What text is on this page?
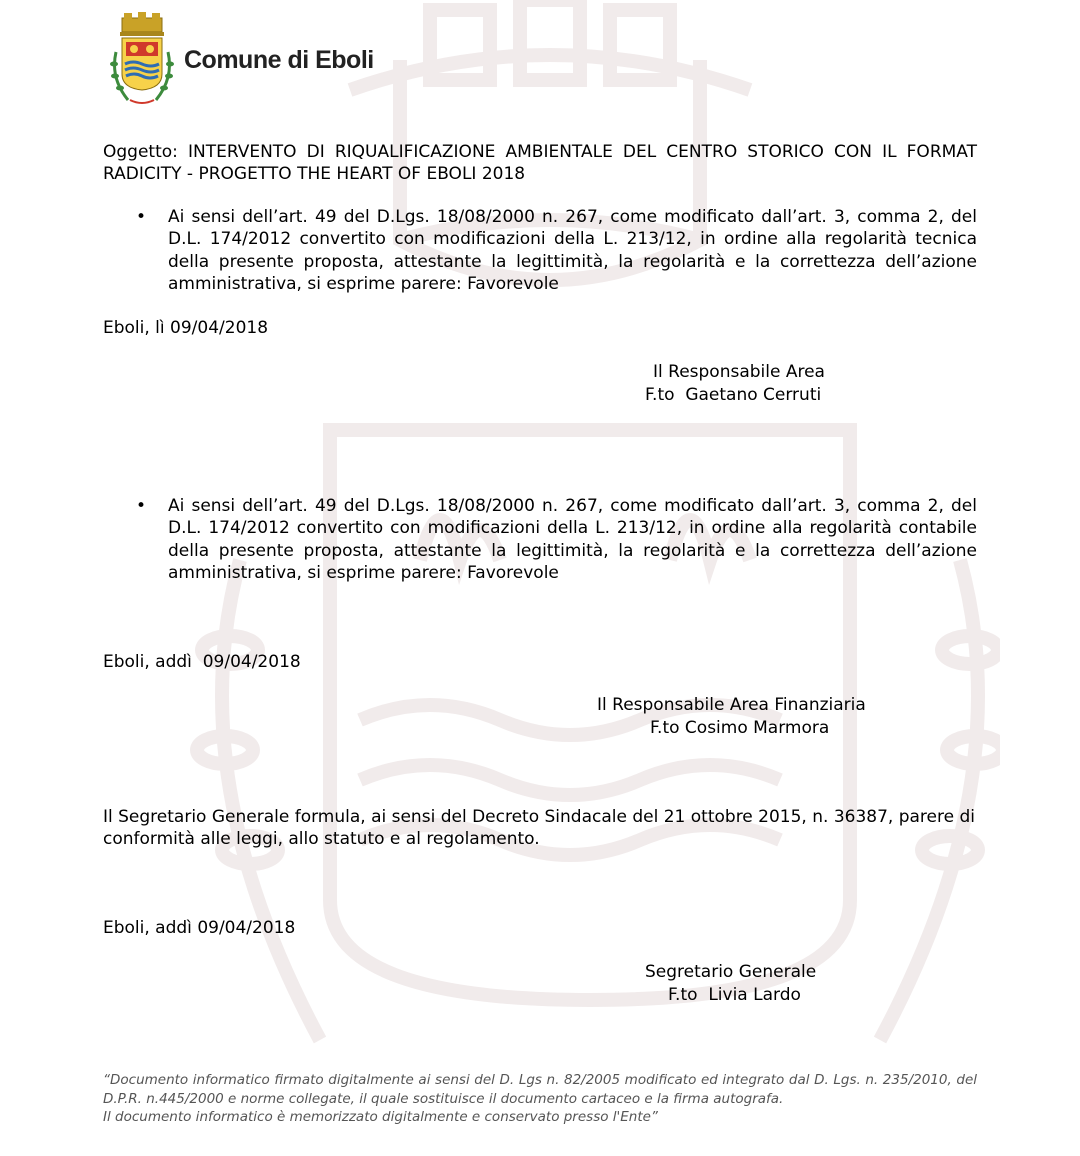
Comune di Eboli
Oggetto: INTERVENTO DI RIQUALIFICAZIONE AMBIENTALE DEL CENTRO STORICO CON IL FORMAT RADICITY - PROGETTO THE HEART OF EBOLI 2018
• Ai sensi dell’art. 49 del D.Lgs. 18/08/2000 n. 267, come modificato dall’art. 3, comma 2, del D.L. 174/2012 convertito con modificazioni della L. 213/12, in ordine alla regolarità tecnica della presente proposta, attestante la legittimità, la regolarità e la correttezza dell’azione amministrativa, si esprime parere: Favorevole
Eboli, lì 09/04/2018
Il Responsabile Area
F.to  Gaetano Cerruti
• Ai sensi dell’art. 49 del D.Lgs. 18/08/2000 n. 267, come modificato dall’art. 3, comma 2, del D.L. 174/2012 convertito con modificazioni della L. 213/12, in ordine alla regolarità contabile della presente proposta, attestante la legittimità, la regolarità e la correttezza dell’azione amministrativa, si esprime parere: Favorevole
Eboli, addì  09/04/2018
Il Responsabile Area Finanziaria
F.to Cosimo Marmora
Il Segretario Generale formula, ai sensi del Decreto Sindacale del 21 ottobre 2015, n. 36387, parere di conformità alle leggi, allo statuto e al regolamento.
Eboli, addì 09/04/2018
Segretario Generale
F.to  Livia Lardo
“Documento informatico firmato digitalmente ai sensi del D. Lgs n. 82/2005 modificato ed integrato dal D. Lgs. n. 235/2010, del D.P.R. n.445/2000 e norme collegate, il quale sostituisce il documento cartaceo e la firma autografa.
Il documento informatico è memorizzato digitalmente e conservato presso l'Ente”
